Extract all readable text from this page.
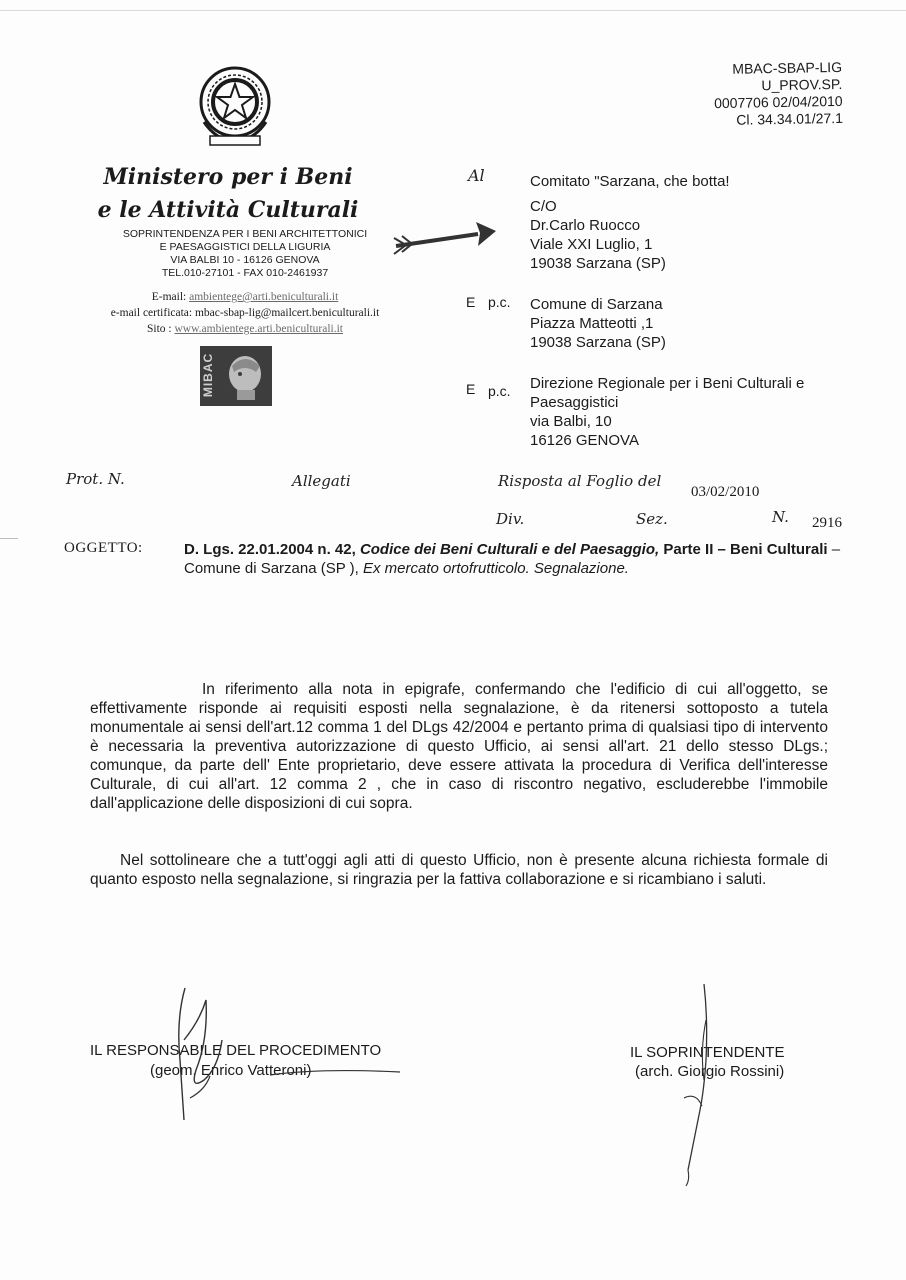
MBAC-SBAP-LIG
U_PROV.SP.
0007706 02/04/2010
Cl. 34.34.01/27.1
Ministero per i Beni
e le Attività Culturali
SOPRINTENDENZA PER I BENI ARCHITETTONICI
E PAESAGGISTICI DELLA LIGURIA
VIA BALBI 10 - 16126 GENOVA
TEL.010-27101 - FAX 010-2461937
E-mail: ambientege@arti.beniculturali.it
e-mail certificata: mbac-sbap-lig@mailcert.beniculturali.it
Sito : www.ambientege.arti.beniculturali.it
MIBAC
Al	Comitato "Sarzana, che botta!
C/O
Dr.Carlo Ruocco
Viale XXI Luglio, 1
19038 Sarzana (SP)
E p.c. Comune di Sarzana
Piazza Matteotti ,1
19038 Sarzana (SP)
E p.c. Direzione Regionale per i Beni Culturali e
Paesaggistici
via Balbi, 10
16126 GENOVA
Prot. N.	Allegati	Risposta al Foglio del
03/02/2010
Div.	Sez.	N. 2916
OGGETTO:	D. Lgs. 22.01.2004 n. 42, Codice dei Beni Culturali e del Paesaggio, Parte II – Beni Culturali – Comune di Sarzana (SP ), Ex mercato ortofrutticolo. Segnalazione.
In riferimento alla nota in epigrafe, confermando che l'edificio di cui all'oggetto, se effettivamente risponde ai requisiti esposti nella segnalazione, è da ritenersi sottoposto a tutela monumentale ai sensi dell'art.12 comma 1 del DLgs 42/2004 e pertanto prima di qualsiasi tipo di intervento è necessaria la preventiva autorizzazione di questo Ufficio, ai sensi all'art. 21 dello stesso DLgs.; comunque, da parte dell' Ente proprietario, deve essere attivata la procedura di Verifica dell'interesse Culturale, di cui all'art. 12 comma 2 , che in caso di riscontro negativo, escluderebbe l'immobile dall'applicazione delle disposizioni di cui sopra.
Nel sottolineare che a tutt'oggi agli atti di questo Ufficio, non è presente alcuna richiesta formale di quanto esposto nella segnalazione, si ringrazia per la fattiva collaborazione e si ricambiano i saluti.
IL RESPONSABILE DEL PROCEDIMENTO
(geom. Enrico Vatteroni)
IL SOPRINTENDENTE
(arch. Giorgio Rossini)
